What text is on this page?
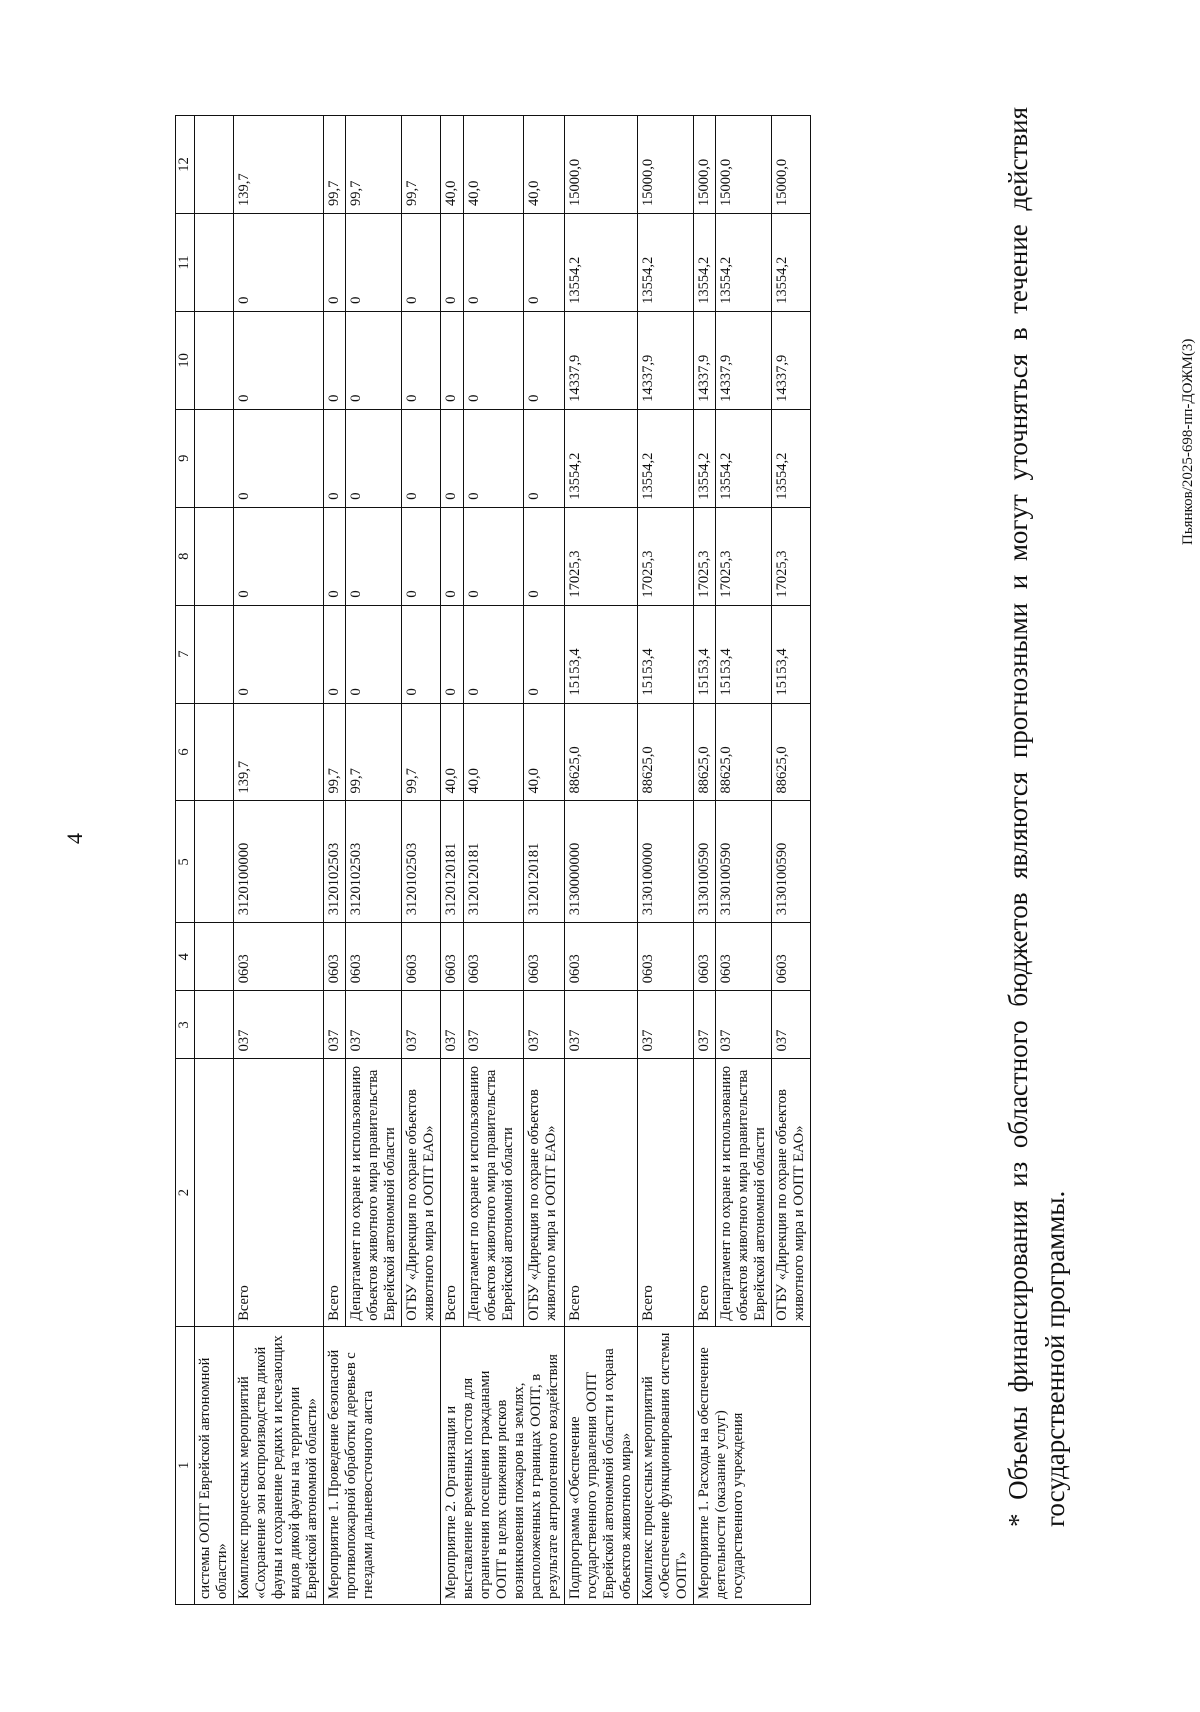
4
1	2	3	4	5	6	7	8	9	10	11	12
системы ООПТ Еврейской автономной области»											
Комплекс процессных мероприятий «Сохранение зон воспроизводства дикой фауны и сохранение редких и исчезающих видов дикой фауны на территории Еврейской автономной области»	Всего	037	0603	3120100000	139,7	0	0	0	0	0	139,7
Мероприятие 1. Проведение безопасной противопожарной обработки деревьев с гнездами дальневосточного аиста	Всего	037	0603	3120102503	99,7	0	0	0	0	0	99,7
	Департамент по охране и использованию объектов животного мира правительства Еврейской автономной области	037	0603	3120102503	99,7	0	0	0	0	0	99,7
	ОГБУ «Дирекция по охране объектов животного мира и ООПТ ЕАО»	037	0603	3120102503	99,7	0	0	0	0	0	99,7
Мероприятие 2. Организация и выставление временных постов для ограничения посещения гражданами ООПТ в целях снижения рисков возникновения пожаров на землях, расположенных в границах ООПТ, в результате антропогенного воздействия	Всего	037	0603	3120120181	40,0	0	0	0	0	0	40,0
	Департамент по охране и использованию объектов животного мира правительства Еврейской автономной области	037	0603	3120120181	40,0	0	0	0	0	0	40,0
	ОГБУ «Дирекция по охране объектов животного мира и ООПТ ЕАО»	037	0603	3120120181	40,0	0	0	0	0	0	40,0
Подпрограмма «Обеспечение государственного управления ООПТ Еврейской автономной области и охрана объектов животного мира»	Всего	037	0603	3130000000	88625,0	15153,4	17025,3	13554,2	14337,9	13554,2	15000,0
Комплекс процессных мероприятий «Обеспечение функционирования системы ООПТ»	Всего	037	0603	3130100000	88625,0	15153,4	17025,3	13554,2	14337,9	13554,2	15000,0
Мероприятие 1. Расходы на обеспечение деятельности (оказание услуг) государственного учреждения	Всего	037	0603	3130100590	88625,0	15153,4	17025,3	13554,2	14337,9	13554,2	15000,0
	Департамент по охране и использованию объектов животного мира правительства Еврейской автономной области	037	0603	3130100590	88625,0	15153,4	17025,3	13554,2	14337,9	13554,2	15000,0
	ОГБУ «Дирекция по охране объектов животного мира и ООПТ ЕАО»	037	0603	3130100590	88625,0	15153,4	17025,3	13554,2	14337,9	13554,2	15000,0	* Объемы финансирования из областного бюджетов являются прогнозными и могут уточняться в течение действия государственной программы.
Пьянков/2025-698-пп-ДОЖМ(3)
